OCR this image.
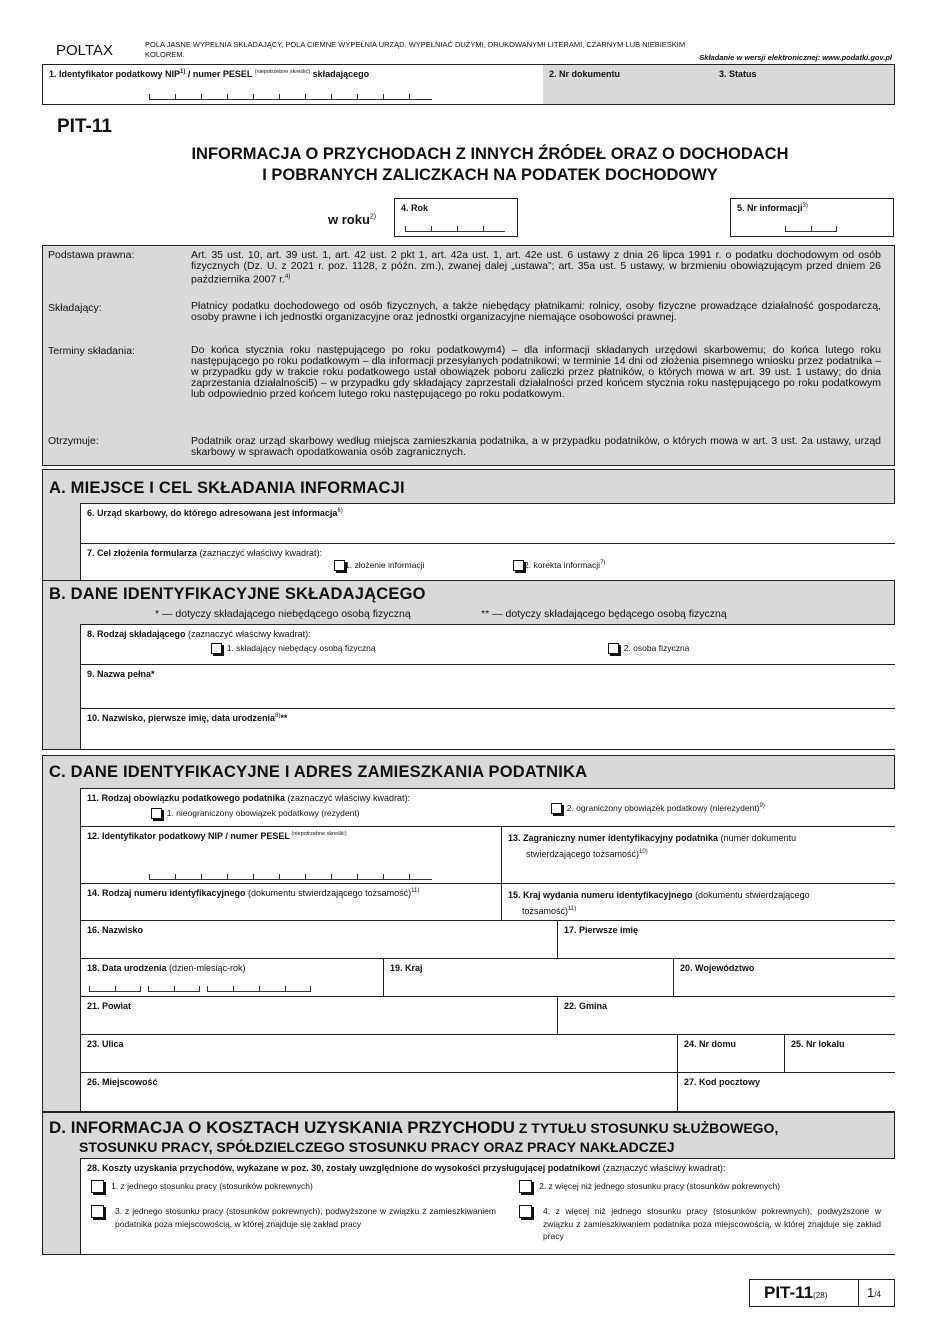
POLTAX	POLA JASNE WYPEŁNIA SKŁADAJĄCY, POLA CIEMNE WYPEŁNIA URZĄD. WYPEŁNIAĆ DUŻYMI, DRUKOWANYMI LITERAMI, CZARNYM LUB NIEBIESKIM
KOLOREM.	Składanie w wersji elektronicznej: www.podatki.gov.pl
1. Identyfikator podatkowy NIP$^{1)}$ / numer PESEL $^{(niepotrzebne skreślić)}$ składającego	2. Nr dokumentu	3. Status
PIT-11
INFORMACJA O PRZYCHODACH Z INNYCH ŹRÓDEŁ ORAZ O DOCHODACH
I POBRANYCH ZALICZKACH NA PODATEK DOCHODOWY
w roku$^{2)}$
4. Rok	5. Nr informacji$^{3)}$
Podstawa prawna:	Art. 35 ust. 10, art. 39 ust. 1, art. 42 ust. 2 pkt 1, art. 42a ust. 1, art. 42e ust. 6 ustawy z dnia 26 lipca 1991 r. o podatku dochodowym od osób fizycznych (Dz. U. z 2021 r. poz. 1128, z późn. zm.), zwanej dalej „ustawa”; art. 35a ust. 5 ustawy, w brzmieniu obowiązującym przed dniem 26 października 2007 r.$^{4)}$
Składający:	Płatnicy podatku dochodowego od osób fizycznych, a także niebędący płatnikami: rolnicy, osoby fizyczne prowadzące działalność gospodarczą, osoby prawne i ich jednostki organizacyjne oraz jednostki organizacyjne niemające osobowości prawnej.
Terminy składania:	Do końca stycznia roku następującego po roku podatkowym4) – dla informacji składanych urzędowi skarbowemu; do końca lutego roku następującego po roku podatkowym – dla informacji przesyłanych podatnikowi; w terminie 14 dni od złożenia pisemnego wniosku przez podatnika – w przypadku gdy w trakcie roku podatkowego ustał obowiązek poboru zaliczki przez płatników, o których mowa w art. 39 ust. 1 ustawy; do dnia zaprzestania działalności5) – w przypadku gdy składający zaprzestali działalności przed końcem stycznia roku następującego po roku podatkowym lub odpowiednio przed końcem lutego roku następującego po roku podatkowym.
Otrzymuje:	Podatnik oraz urząd skarbowy według miejsca zamieszkania podatnika, a w przypadku podatników, o których mowa w art. 3 ust. 2a ustawy, urząd skarbowy w sprawach opodatkowania osób zagranicznych.
A. MIEJSCE I CEL SKŁADANIA INFORMACJI
6. Urząd skarbowy, do którego adresowana jest informacja$^{6)}$
7. Cel złożenia formularza (zaznaczyć właściwy kwadrat):
1. złożenie informacji	2. korekta informacji$^{7)}$
B. DANE IDENTYFIKACYJNE SKŁADAJĄCEGO
* — dotyczy składającego niebędącego osobą fizyczną	** — dotyczy składającego będącego osobą fizyczną
8. Rodzaj składającego (zaznaczyć właściwy kwadrat):
1. składający niebędący osobą fizyczną	2. osoba fizyczna
9. Nazwa pełna*
10. Nazwisko, pierwsze imię, data urodzenia$^{8)}$**
C. DANE IDENTYFIKACYJNE I ADRES ZAMIESZKANIA PODATNIKA
11. Rodzaj obowiązku podatkowego podatnika (zaznaczyć właściwy kwadrat):
1. nieograniczony obowiązek podatkowy (rezydent)	2. ograniczony obowiązek podatkowy (nierezydent)$^{9)}$
12. Identyfikator podatkowy NIP / numer PESEL $^{(niepotrzebne skreślić)}$	13. Zagraniczny numer identyfikacyjny podatnika (numer dokumentu
stwierdzającego tożsamość)$^{10)}$
14. Rodzaj numeru identyfikacyjnego (dokumentu stwierdzającego tożsamość)$^{11)}$	15. Kraj wydania numeru identyfikacyjnego (dokumentu stwierdzającego
tożsamość)$^{11)}$
16. Nazwisko	17. Pierwsze imię
18. Data urodzenia (dzień-miesiąc-rok)	19. Kraj	20. Województwo
21. Powiat	22. Gmina
23. Ulica	24. Nr domu	25. Nr lokalu
26. Miejscowość	27. Kod pocztowy
D. INFORMACJA O KOSZTACH UZYSKANIA PRZYCHODU Z TYTUŁU STOSUNKU SŁUŻBOWEGO,
STOSUNKU PRACY, SPÓŁDZIELCZEGO STOSUNKU PRACY ORAZ PRACY NAKŁADCZEJ
28. Koszty uzyskania przychodów, wykazane w poz. 30, zostały uwzględnione do wysokości przysługującej podatnikowi (zaznaczyć właściwy kwadrat):
1. z jednego stosunku pracy (stosunków pokrewnych)	2. z więcej niż jednego stosunku pracy (stosunków pokrewnych)
3. z jednego stosunku pracy (stosunków pokrewnych), podwyższone w związku z zamieszkiwaniem podatnika poza miejscowością, w której znajduje się zakład pracy
4. z więcej niż jednego stosunku pracy (stosunków pokrewnych), podwyższone w związku z zamieszkiwaniem podatnika poza miejscowością, w której znajduje się zakład pracy
PIT-11(28)	1/4
